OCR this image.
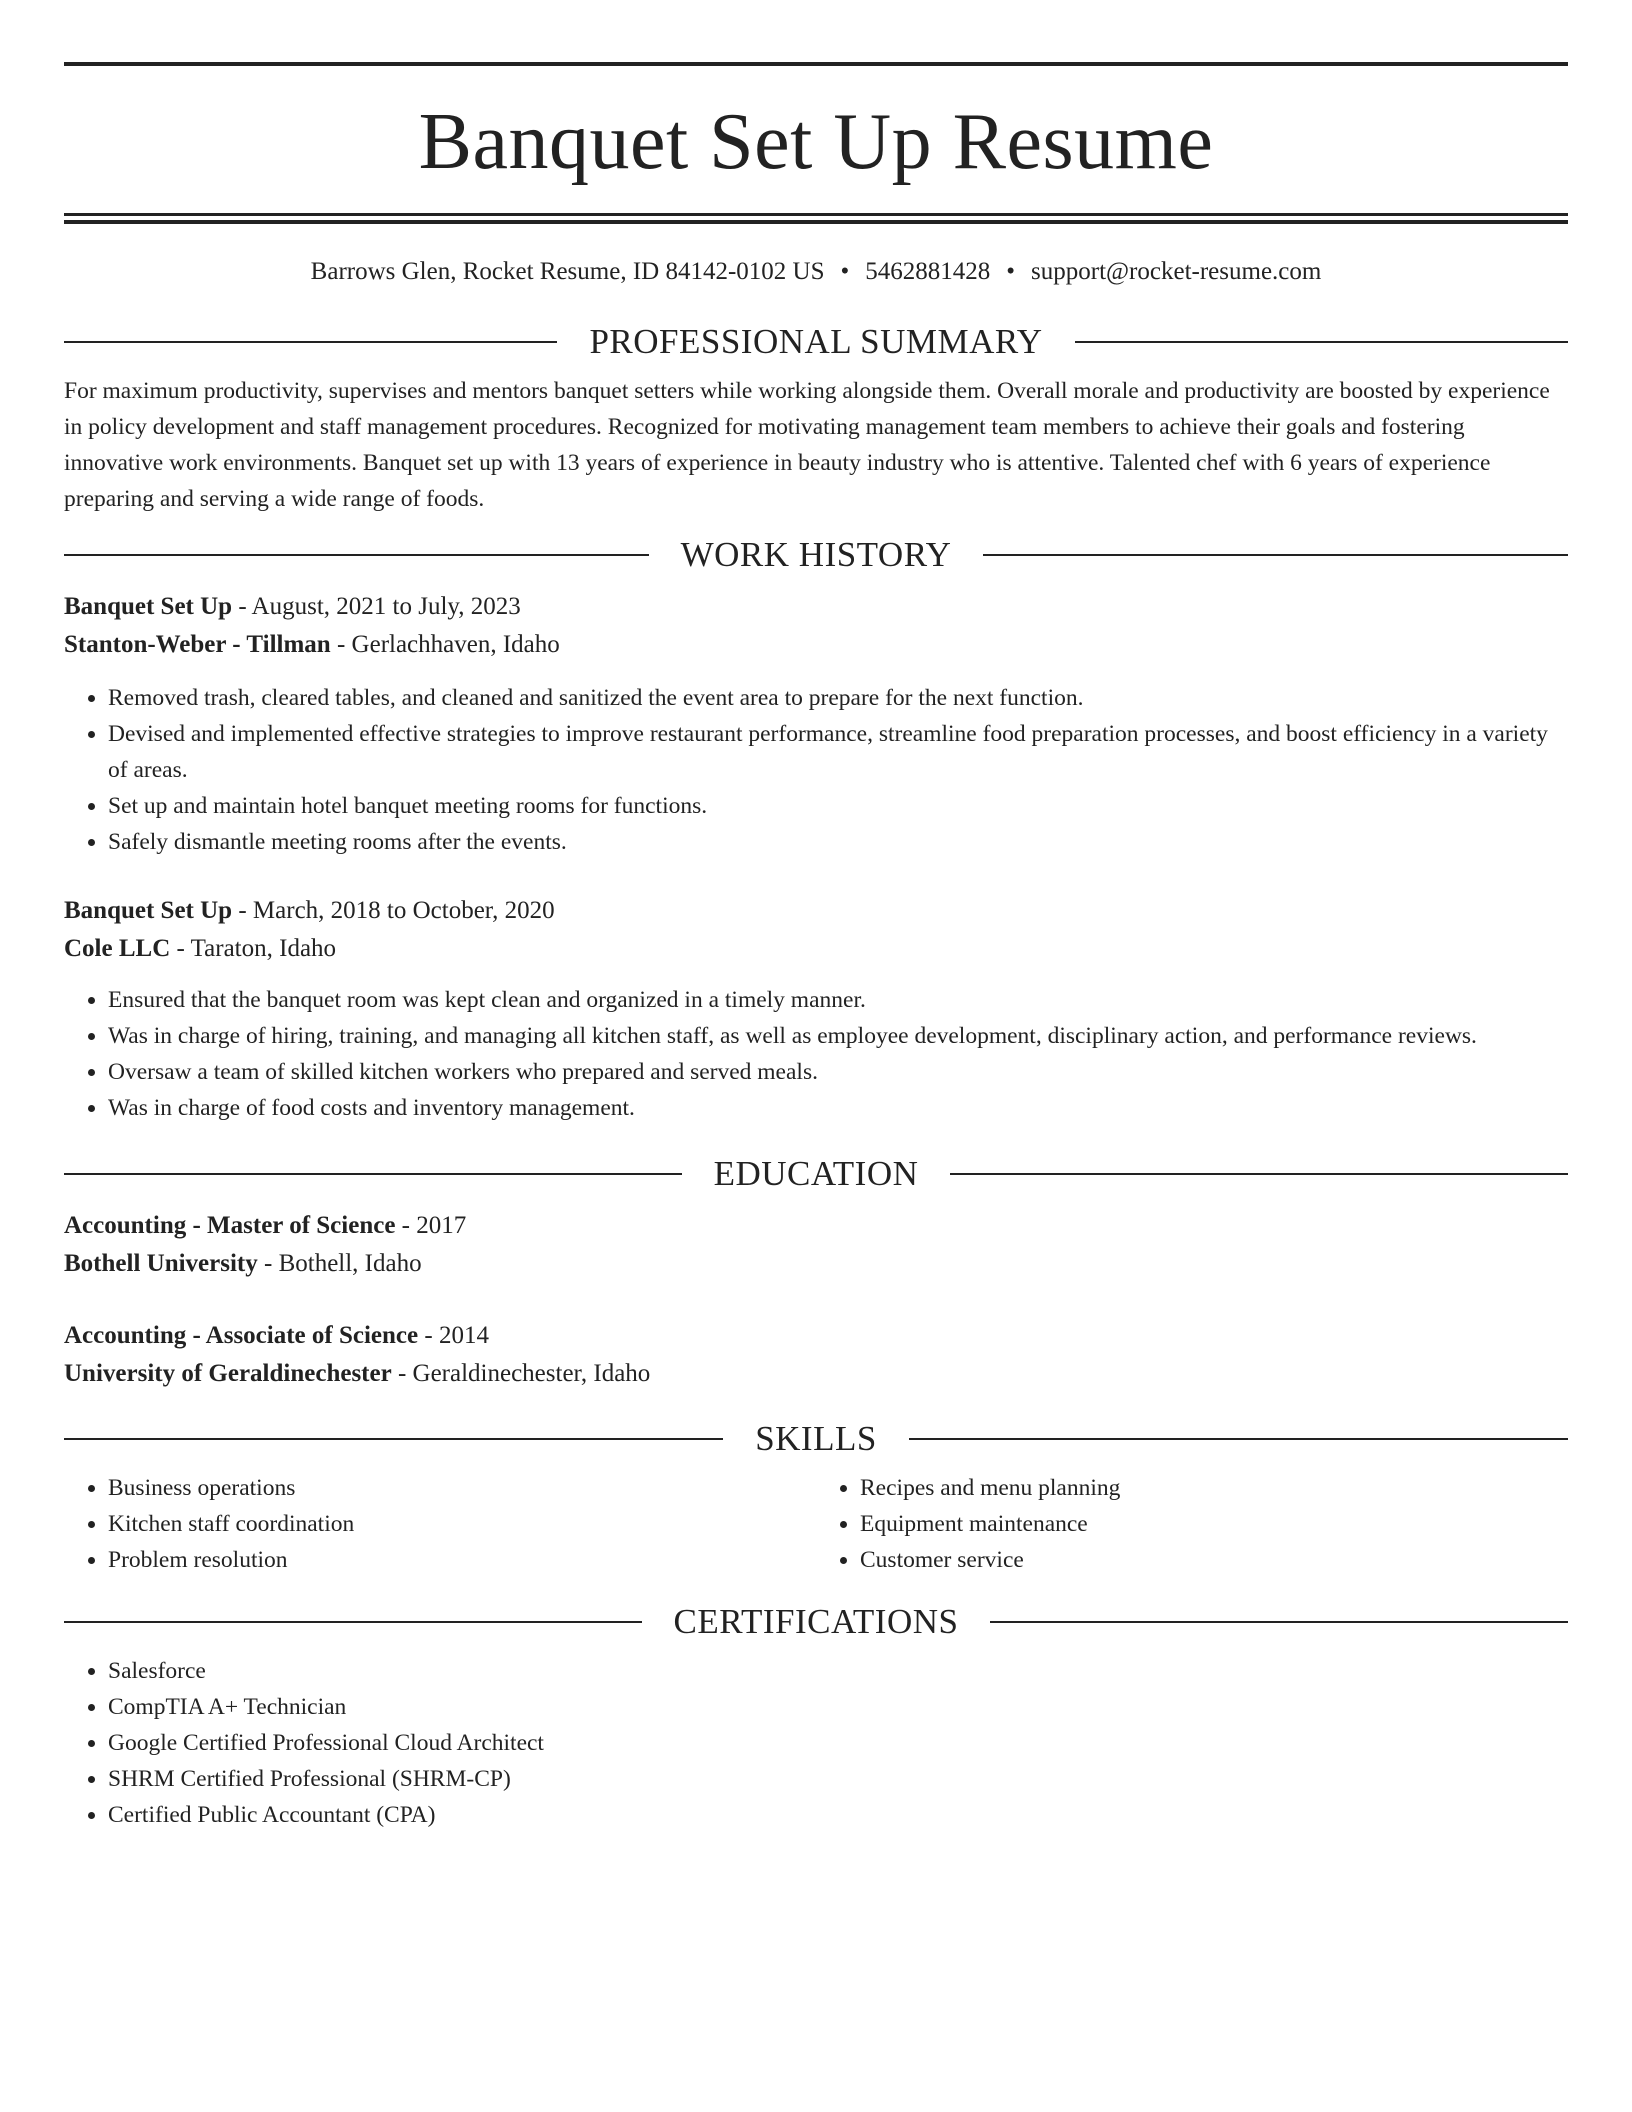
Banquet Set Up Resume
Barrows Glen, Rocket Resume, ID 84142-0102 US • 5462881428 • support@rocket-resume.com
PROFESSIONAL SUMMARY

For maximum productivity, supervises and mentors banquet setters while working alongside them. Overall morale and productivity are boosted by experience in policy development and staff management procedures. Recognized for motivating management team members to achieve their goals and fostering innovative work environments. Banquet set up with 13 years of experience in beauty industry who is attentive. Talented chef with 6 years of experience preparing and serving a wide range of foods.

WORK HISTORY

Banquet Set Up - August, 2021 to July, 2023

Stanton-Weber - Tillman - Gerlachhaven, Idaho

• Removed trash, cleared tables, and cleaned and sanitized the event area to prepare for the next function.
• Devised and implemented effective strategies to improve restaurant performance, streamline food preparation processes, and boost efficiency in a variety of areas.
• Set up and maintain hotel banquet meeting rooms for functions.
• Safely dismantle meeting rooms after the events.

Banquet Set Up - March, 2018 to October, 2020

Cole LLC - Taraton, Idaho

• Ensured that the banquet room was kept clean and organized in a timely manner.
• Was in charge of hiring, training, and managing all kitchen staff, as well as employee development, disciplinary action, and performance reviews.
• Oversaw a team of skilled kitchen workers who prepared and served meals.
• Was in charge of food costs and inventory management.
EDUCATION

Accounting - Master of Science - 2017

Bothell University - Bothell, Idaho

Accounting - Associate of Science - 2014

University of Geraldinechester - Geraldinechester, Idaho

SKILLS
• Business operations
• Kitchen staff coordination
• Problem resolution
• Recipes and menu planning
• Equipment maintenance
• Customer service
CERTIFICATIONS
• Salesforce
• CompTIA A+ Technician
• Google Certified Professional Cloud Architect
• SHRM Certified Professional (SHRM-CP)
• Certified Public Accountant (CPA)
